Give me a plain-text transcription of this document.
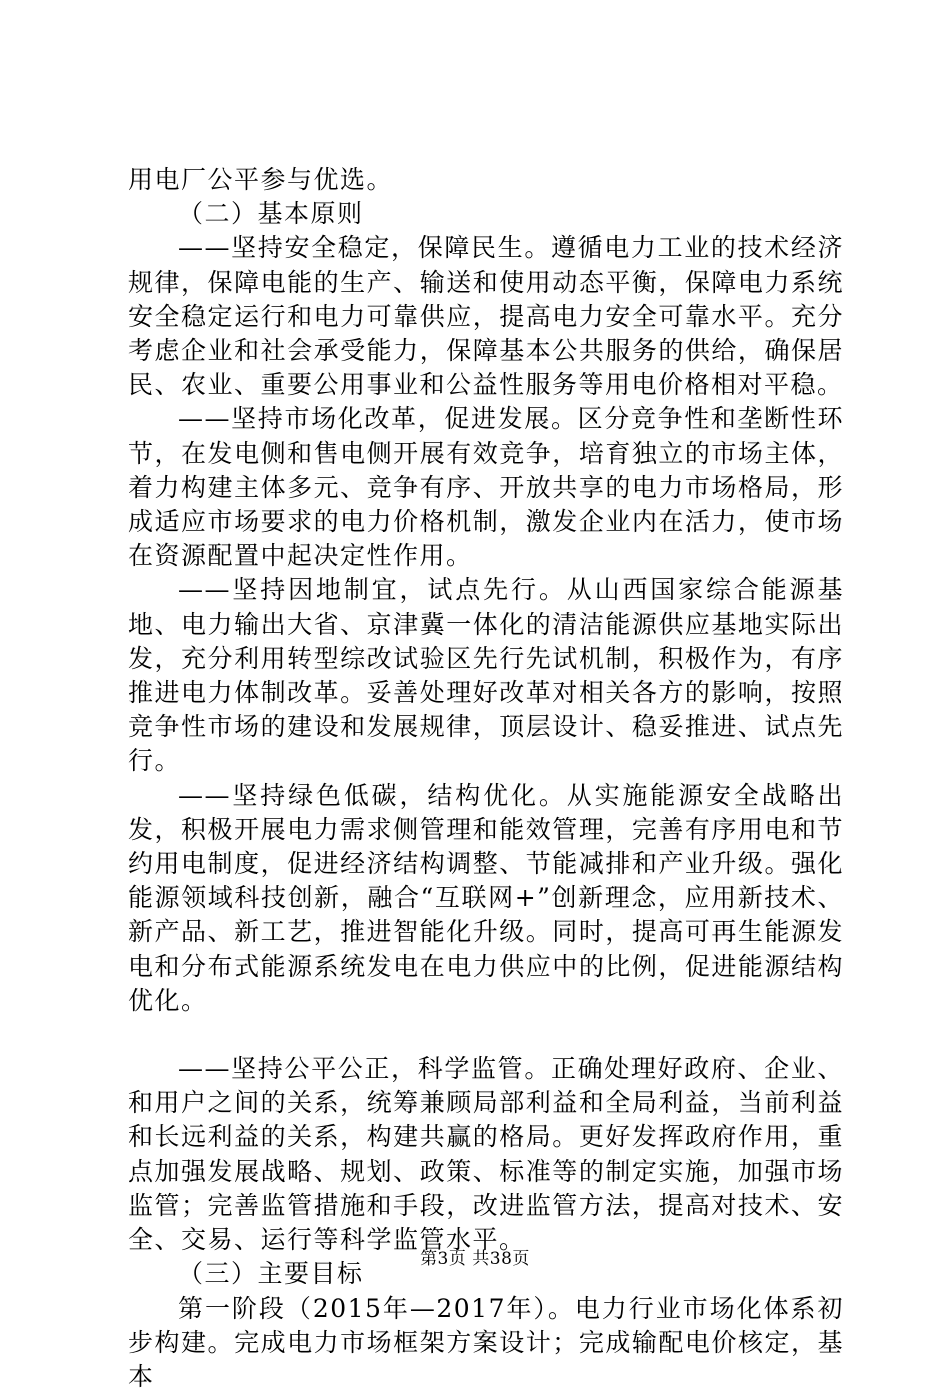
用电厂公平参与优选。

（二）基本原则

——坚持安全稳定，保障民生。遵循电力工业的技术经济规律，保障电能的生产、输送和使用动态平衡，保障电力系统安全稳定运行和电力可靠供应，提高电力安全可靠水平。充分考虑企业和社会承受能力，保障基本公共服务的供给，确保居民、农业、重要公用事业和公益性服务等用电价格相对平稳。

——坚持市场化改革，促进发展。区分竞争性和垄断性环节，在发电侧和售电侧开展有效竞争，培育独立的市场主体，着力构建主体多元、竞争有序、开放共享的电力市场格局，形成适应市场要求的电力价格机制，激发企业内在活力，使市场在资源配置中起决定性作用。

——坚持因地制宜，试点先行。从山西国家综合能源基地、电力输出大省、京津冀一体化的清洁能源供应基地实际出发，充分利用转型综改试验区先行先试机制，积极作为，有序推进电力体制改革。妥善处理好改革对相关各方的影响，按照竞争性市场的建设和发展规律，顶层设计、稳妥推进、试点先行。

——坚持绿色低碳，结构优化。从实施能源安全战略出发，积极开展电力需求侧管理和能效管理，完善有序用电和节约用电制度，促进经济结构调整、节能减排和产业升级。强化能源领域科技创新，融合“互联网+”创新理念，应用新技术、新产品、新工艺，推进智能化升级。同时，提高可再生能源发电和分布式能源系统发电在电力供应中的比例，促进能源结构优化。

——坚持公平公正，科学监管。正确处理好政府、企业、和用户之间的关系，统筹兼顾局部利益和全局利益，当前利益和长远利益的关系，构建共赢的格局。更好发挥政府作用，重点加强发展战略、规划、政策、标准等的制定实施，加强市场监管；完善监管措施和手段，改进监管方法，提高对技术、安全、交易、运行等科学监管水平。

（三）主要目标

第一阶段（2015年—2017年）。电力行业市场化体系初步构建。完成电力市场框架方案设计；完成输配电价核定，基本

第3页 共38页
